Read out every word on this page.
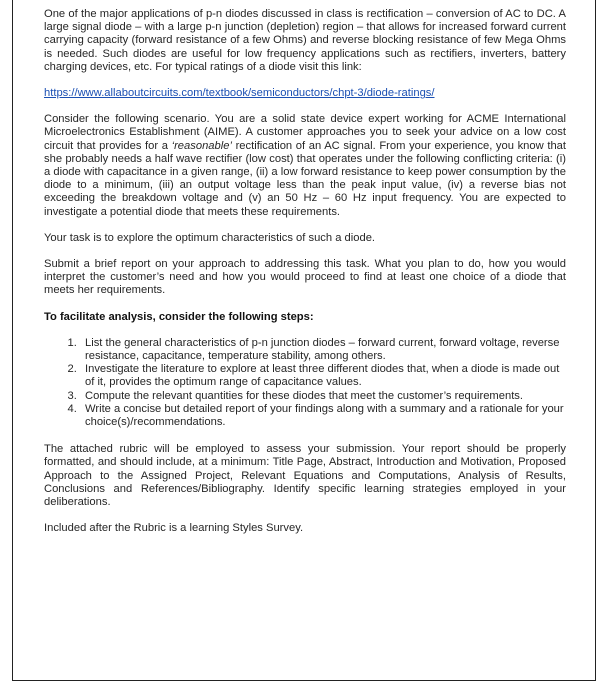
One of the major applications of p-n diodes discussed in class is rectification – conversion of AC to DC. A large signal diode – with a large p-n junction (depletion) region – that allows for increased forward current carrying capacity (forward resistance of a few Ohms) and reverse blocking resistance of few Mega Ohms is needed. Such diodes are useful for low frequency applications such as rectifiers, inverters, battery charging devices, etc. For typical ratings of a diode visit this link:

https://www.allaboutcircuits.com/textbook/semiconductors/chpt-3/diode-ratings/

Consider the following scenario. You are a solid state device expert working for ACME International Microelectronics Establishment (AIME). A customer approaches you to seek your advice on a low cost circuit that provides for a ‘reasonable’ rectification of an AC signal. From your experience, you know that she probably needs a half wave rectifier (low cost) that operates under the following conflicting criteria: (i) a diode with capacitance in a given range, (ii) a low forward resistance to keep power consumption by the diode to a minimum, (iii) an output voltage less than the peak input value, (iv) a reverse bias not exceeding the breakdown voltage and (v) an 50 Hz – 60 Hz input frequency. You are expected to investigate a potential diode that meets these requirements.

Your task is to explore the optimum characteristics of such a diode.

Submit a brief report on your approach to addressing this task. What you plan to do, how you would interpret the customer’s need and how you would proceed to find at least one choice of a diode that meets her requirements.

To facilitate analysis, consider the following steps:

1. List the general characteristics of p-n junction diodes – forward current, forward voltage, reverse resistance, capacitance, temperature stability, among others.
2. Investigate the literature to explore at least three different diodes that, when a diode is made out of it, provides the optimum range of capacitance values.
3. Compute the relevant quantities for these diodes that meet the customer’s requirements.
4. Write a concise but detailed report of your findings along with a summary and a rationale for your choice(s)/recommendations.

The attached rubric will be employed to assess your submission. Your report should be properly formatted, and should include, at a minimum: Title Page, Abstract, Introduction and Motivation, Proposed Approach to the Assigned Project, Relevant Equations and Computations, Analysis of Results, Conclusions and References/Bibliography. Identify specific learning strategies employed in your deliberations.

Included after the Rubric is a learning Styles Survey.
